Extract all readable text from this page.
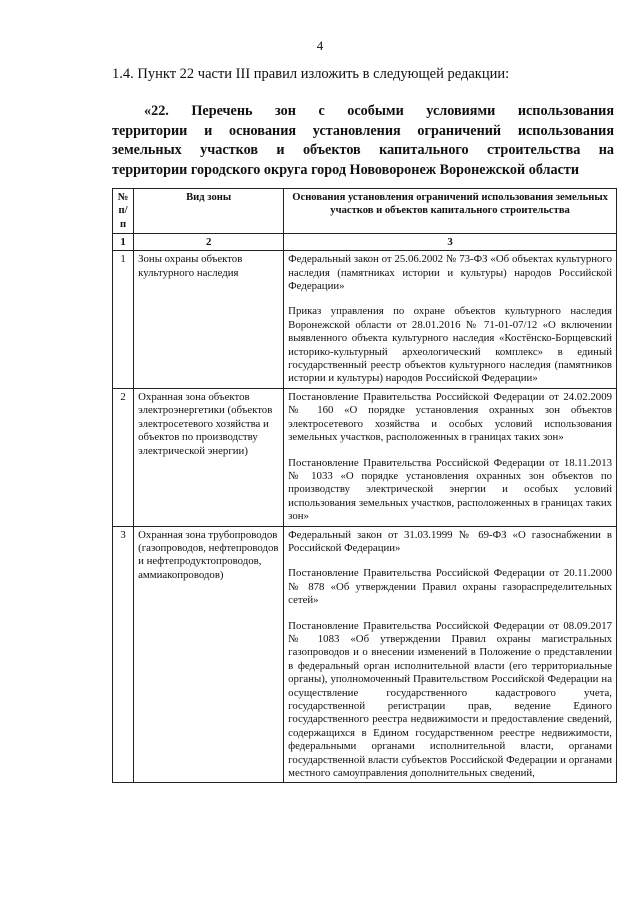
4
1.4. Пункт 22 части III правил изложить в следующей редакции:
«22. Перечень зон с особыми условиями использования
территории и основания установления ограничений использования
земельных участков и объектов капитального строительства на
территории городского округа город Нововоронеж Воронежской области
№ п/п	Вид зоны	Основания установления ограничений использования земельных участков и объектов капитального строительства
1	2	3
1	Зоны охраны объектов культурного наследия	Федеральный закон от 25.06.2002 № 73-ФЗ «Об объектах культурного наследия (памятниках истории и культуры) народов Российской Федерации»

Приказ управления по охране объектов культурного наследия Воронежской области от 28.01.2016 № 71-01-07/12 «О включении выявленного объекта культурного наследия «Костёнско-Борщевский историко-культурный археологический комплекс» в единый государственный реестр объектов культурного наследия (памятников истории и культуры) народов Российской Федерации»

2	Охранная зона объектов электроэнергетики (объектов электросетевого хозяйства и объектов по производству электрической энергии)	Постановление Правительства Российской Федерации от 24.02.2009 № 160 «О порядке установления охранных зон объектов электросетевого хозяйства и особых условий использования земельных участков, расположенных в границах таких зон»

Постановление Правительства Российской Федерации от 18.11.2013 № 1033 «О порядке установления охранных зон объектов по производству электрической энергии и особых условий использования земельных участков, расположенных в границах таких зон»

3	Охранная зона трубопроводов (газопроводов, нефтепроводов и нефтепродуктопроводов, аммиакопроводов)	Федеральный закон от 31.03.1999 № 69-ФЗ «О газоснабжении в Российской Федерации»

Постановление Правительства Российской Федерации от 20.11.2000 № 878 «Об утверждении Правил охраны газораспределительных сетей»

Постановление Правительства Российской Федерации от 08.09.2017 № 1083 «Об утверждении Правил охраны магистральных газопроводов и о внесении изменений в Положение о представлении в федеральный орган исполнительной власти (его территориальные органы), уполномоченный Правительством Российской Федерации на осуществление государственного кадастрового учета, государственной регистрации прав, ведение Единого государственного реестра недвижимости и предоставление сведений, содержащихся в Едином государственном реестре недвижимости, федеральными органами исполнительной власти, органами государственной власти субъектов Российской Федерации и органами местного самоуправления дополнительных сведений,
